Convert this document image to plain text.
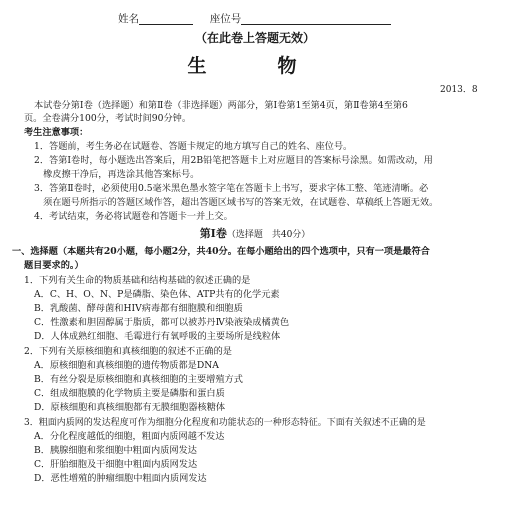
姓名	座位号
（在此卷上答题无效）
生　物
2013．8
本试卷分第Ⅰ卷（选择题）和第Ⅱ卷（非选择题）两部分，第Ⅰ卷第1至第4页，第Ⅱ卷第4至第6
页。全卷满分100分，考试时间90分钟。
考生注意事项：
1．答题前，考生务必在试题卷、答题卡规定的地方填写自己的姓名、座位号。
2．答第Ⅰ卷时，每小题选出答案后，用2B铅笔把答题卡上对应题目的答案标号涂黑。如需改动，用
　橡皮擦干净后，再选涂其他答案标号。
3．答第Ⅱ卷时，必须使用0.5毫米黑色墨水签字笔在答题卡上书写，要求字体工整、笔迹清晰。必
　须在题号所指示的答题区域作答，超出答题区域书写的答案无效，在试题卷、草稿纸上答题无效。
4．考试结束，务必将试题卷和答题卡一并上交。
第Ⅰ卷（选择题　共40分）
一、选择题（本题共有20小题，每小题2分，共40分。在每小题给出的四个选项中，只有一项是最符合
题目要求的。）
1．下列有关生命的物质基础和结构基础的叙述正确的是
A．C、H、O、N、P是磷脂、染色体、ATP共有的化学元素
B．乳酸菌、酵母菌和HIV病毒都有细胞膜和细胞质
C．性激素和胆固醇属于脂质，都可以被苏丹Ⅳ染液染成橘黄色
D．人体成熟红细胞、毛霉进行有氧呼吸的主要场所是线粒体
2．下列有关原核细胞和真核细胞的叙述不正确的是
A．原核细胞和真核细胞的遗传物质都是DNA
B．有丝分裂是原核细胞和真核细胞的主要增殖方式
C．组成细胞膜的化学物质主要是磷脂和蛋白质
D．原核细胞和真核细胞都有无膜细胞器核糖体
3．粗面内质网的发达程度可作为细胞分化程度和功能状态的一种形态特征。下面有关叙述不正确的是
A．分化程度越低的细胞，粗面内质网越不发达
B．胰腺细胞和浆细胞中粗面内质网发达
C．肝胎细胞及干细胞中粗面内质网发达
D．恶性增殖的肿瘤细胞中粗面内质网发达
